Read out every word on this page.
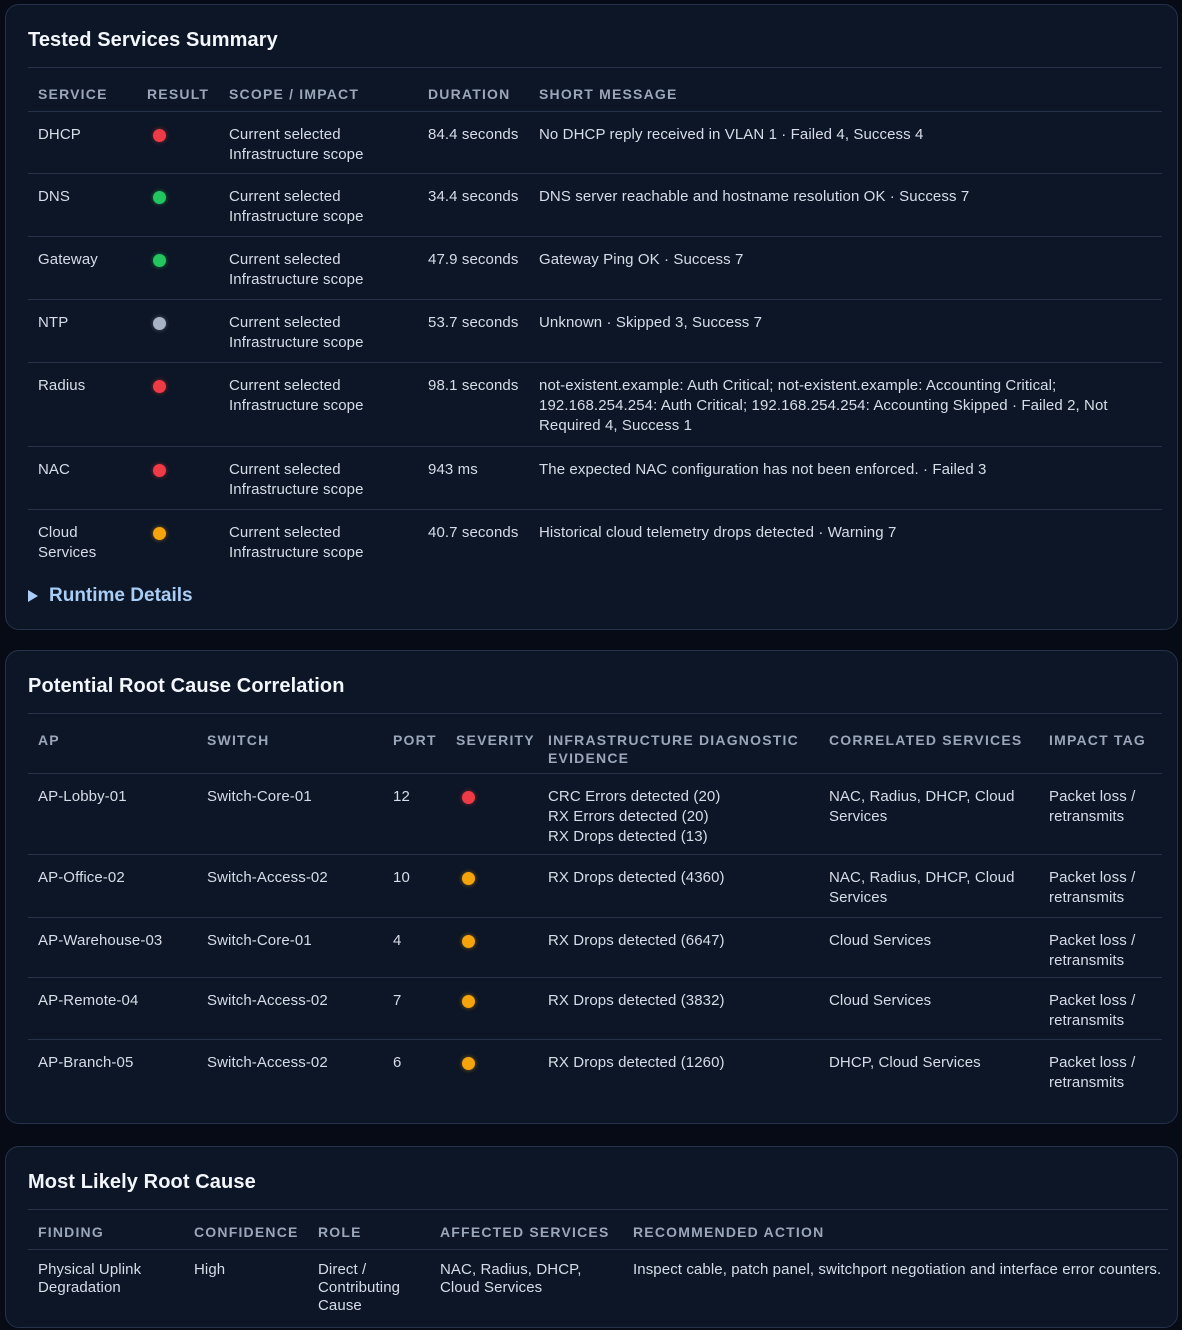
Tested Services Summary
SERVICE	RESULT	SCOPE / IMPACT	DURATION	SHORT MESSAGE
DHCP		Current selected Infrastructure scope	84.4 seconds	No DHCP reply received in VLAN 1 · Failed 4, Success 4
DNS		Current selected Infrastructure scope	34.4 seconds	DNS server reachable and hostname resolution OK · Success 7
Gateway		Current selected Infrastructure scope	47.9 seconds	Gateway Ping OK · Success 7
NTP		Current selected Infrastructure scope	53.7 seconds	Unknown · Skipped 3, Success 7
Radius		Current selected Infrastructure scope	98.1 seconds	not-existent.example: Auth Critical; not-existent.example: Accounting Critical; 192.168.254.254: Auth Critical; 192.168.254.254: Accounting Skipped · Failed 2, Not Required 4, Success 1
NAC		Current selected Infrastructure scope	943 ms	The expected NAC configuration has not been enforced. · Failed 3
Cloud Services		Current selected Infrastructure scope	40.7 seconds	Historical cloud telemetry drops detected · Warning 7
Runtime Details
Potential Root Cause Correlation
AP	SWITCH	PORT	SEVERITY	INFRASTRUCTURE DIAGNOSTIC EVIDENCE	CORRELATED SERVICES	IMPACT TAG
AP-Lobby-01	Switch-Core-01	12		CRC Errors detected (20)
RX Errors detected (20)
RX Drops detected (13)	NAC, Radius, DHCP, Cloud Services	Packet loss / retransmits
AP-Office-02	Switch-Access-02	10		RX Drops detected (4360)	NAC, Radius, DHCP, Cloud Services	Packet loss / retransmits
AP-Warehouse-03	Switch-Core-01	4		RX Drops detected (6647)	Cloud Services	Packet loss / retransmits
AP-Remote-04	Switch-Access-02	7		RX Drops detected (3832)	Cloud Services	Packet loss / retransmits
AP-Branch-05	Switch-Access-02	6		RX Drops detected (1260)	DHCP, Cloud Services	Packet loss / retransmits
Most Likely Root Cause
FINDING	CONFIDENCE	ROLE	AFFECTED SERVICES	RECOMMENDED ACTION
Physical Uplink Degradation	High	Direct / Contributing Cause	NAC, Radius, DHCP, Cloud Services	Inspect cable, patch panel, switchport negotiation and interface error counters.
